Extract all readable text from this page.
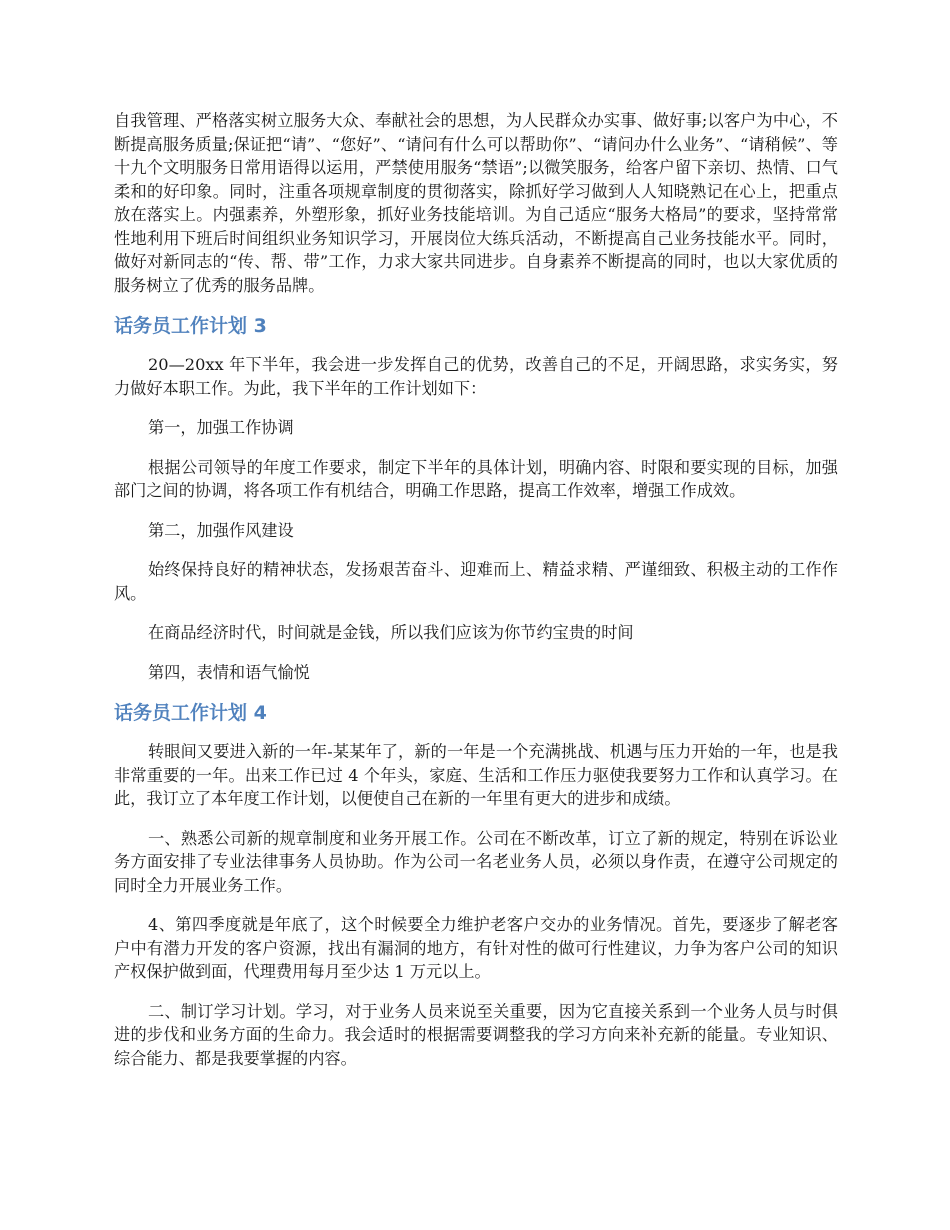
自我管理、严格落实树立服务大众、奉献社会的思想，为人民群众办实事、做好事;以客户为中心，不断提高服务质量;保证把“请”、“您好”、“请问有什么可以帮助你”、“请问办什么业务”、“请稍候”、等十九个文明服务日常用语得以运用，严禁使用服务“禁语”;以微笑服务，给客户留下亲切、热情、口气柔和的好印象。同时，注重各项规章制度的贯彻落实，除抓好学习做到人人知晓熟记在心上，把重点放在落实上。内强素养，外塑形象，抓好业务技能培训。为自己适应“服务大格局”的要求，坚持常常性地利用下班后时间组织业务知识学习，开展岗位大练兵活动，不断提高自己业务技能水平。同时，做好对新同志的“传、帮、带”工作，力求大家共同进步。自身素养不断提高的同时，也以大家优质的服务树立了优秀的服务品牌。

话务员工作计划 3

20—20xx 年下半年，我会进一步发挥自己的优势，改善自己的不足，开阔思路，求实务实，努力做好本职工作。为此，我下半年的工作计划如下：

第一，加强工作协调

根据公司领导的年度工作要求，制定下半年的具体计划，明确内容、时限和要实现的目标，加强部门之间的协调，将各项工作有机结合，明确工作思路，提高工作效率，增强工作成效。

第二，加强作风建设

始终保持良好的精神状态，发扬艰苦奋斗、迎难而上、精益求精、严谨细致、积极主动的工作作风。

在商品经济时代，时间就是金钱，所以我们应该为你节约宝贵的时间

第四，表情和语气愉悦

话务员工作计划 4

转眼间又要进入新的一年-某某年了，新的一年是一个充满挑战、机遇与压力开始的一年，也是我非常重要的一年。出来工作已过 4 个年头，家庭、生活和工作压力驱使我要努力工作和认真学习。在此，我订立了本年度工作计划，以便使自己在新的一年里有更大的进步和成绩。

一、熟悉公司新的规章制度和业务开展工作。公司在不断改革，订立了新的规定，特别在诉讼业务方面安排了专业法律事务人员协助。作为公司一名老业务人员，必须以身作责，在遵守公司规定的同时全力开展业务工作。

4、第四季度就是年底了，这个时候要全力维护老客户交办的业务情况。首先，要逐步了解老客户中有潜力开发的客户资源，找出有漏洞的地方，有针对性的做可行性建议，力争为客户公司的知识产权保护做到面，代理费用每月至少达 1 万元以上。

二、制订学习计划。学习，对于业务人员来说至关重要，因为它直接关系到一个业务人员与时俱进的步伐和业务方面的生命力。我会适时的根据需要调整我的学习方向来补充新的能量。专业知识、综合能力、都是我要掌握的内容。
